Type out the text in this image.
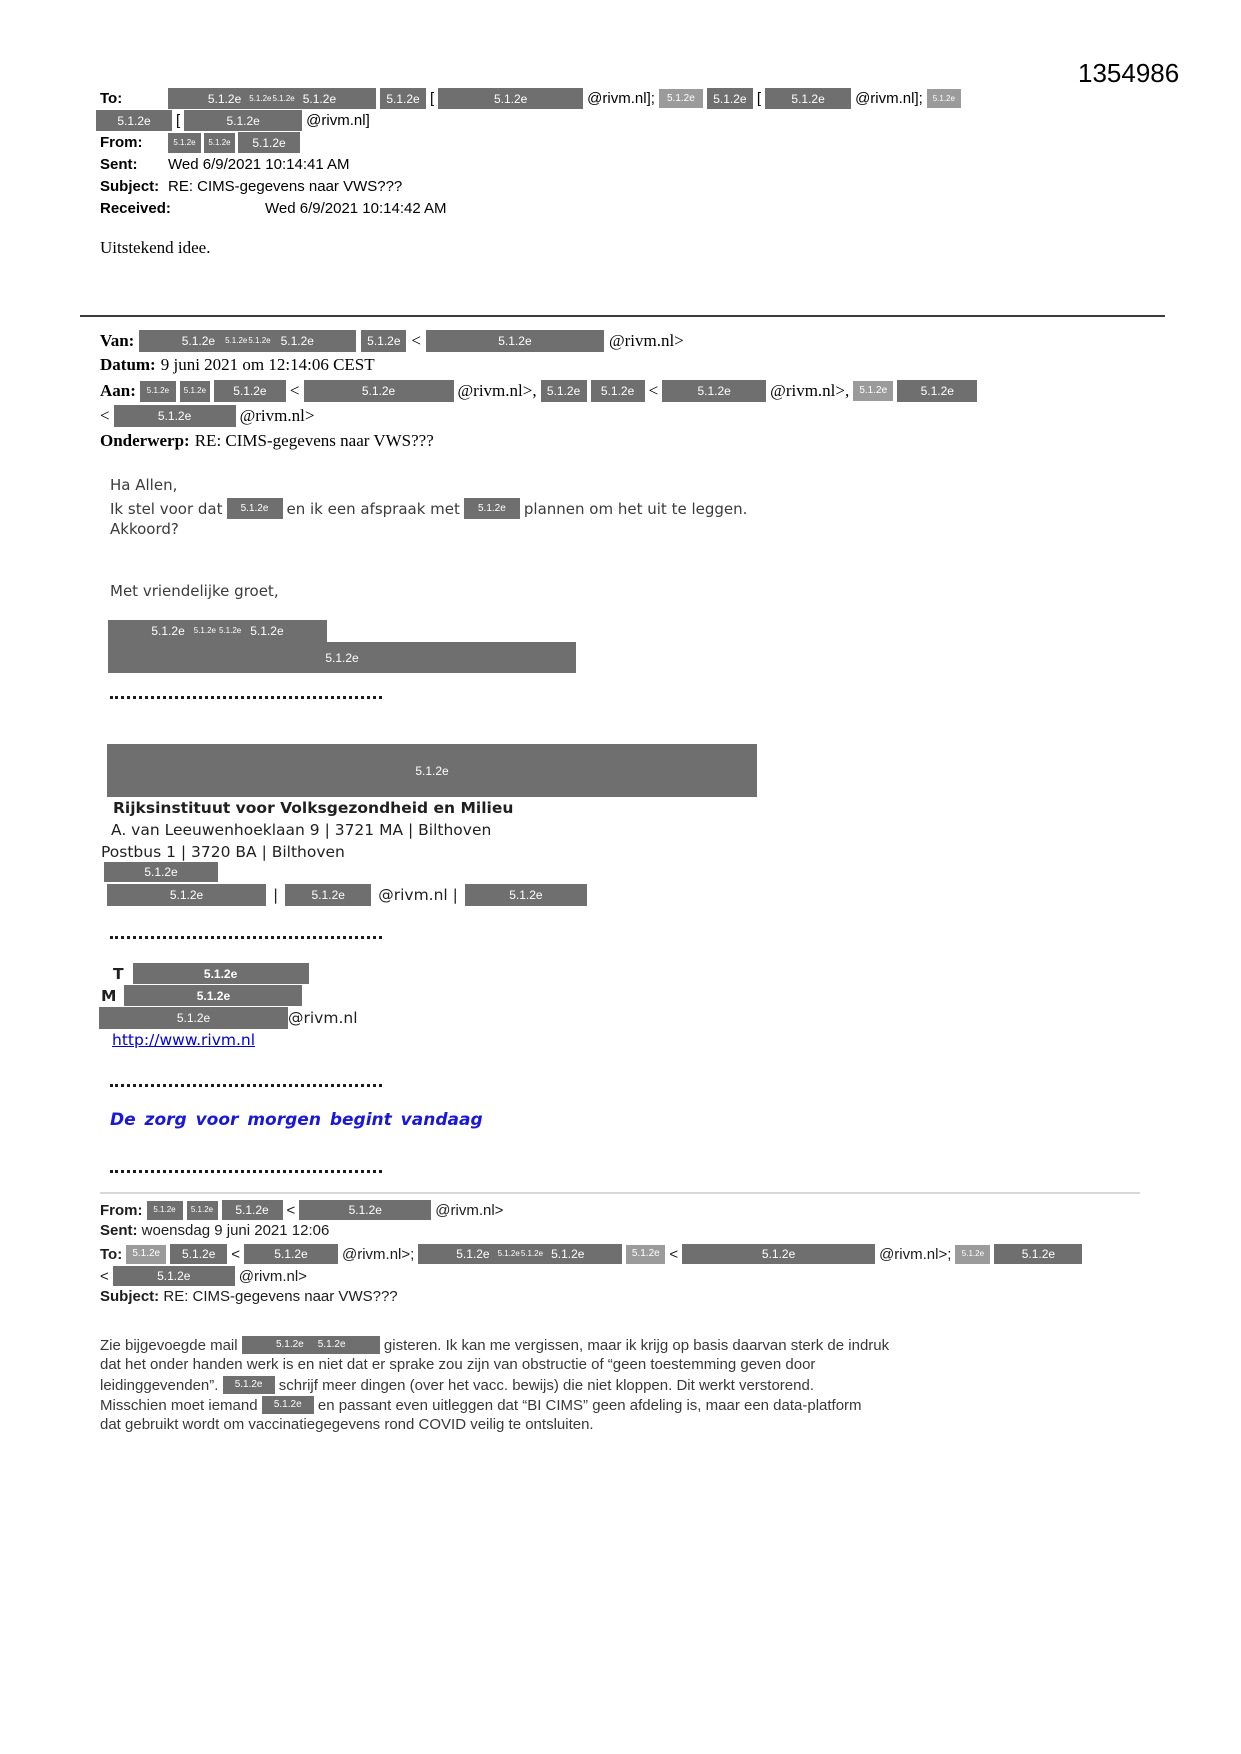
1354986
To:	5.1.2e 5.1.2e 5.1.2e 5.1.2e	5.1.2e [	5.1.2e	@rivm.nl]; 5.1.2e 5.1.2e [	5.1.2e @rivm.nl]; 5.1.2e
5.1.2e [	5.1.2e	@rivm.nl]
From:	5.1.2e 5.1.2e 5.1.2e
Sent: Wed 6/9/2021 10:14:41 AM
Subject: RE: CIMS-gegevens naar VWS???
Received:	Wed 6/9/2021 10:14:42 AM
Uitstekend idee.
Van:	5.1.2e 5.1.2e 5.1.2e 5.1.2e	5.1.2e <	5.1.2e	@rivm.nl>
Datum: 9 juni 2021 om 12:14:06 CEST
Aan: 5.1.2e 5.1.2e 5.1.2e <	5.1.2e	@rivm.nl>, 5.1.2e 5.1.2e <	5.1.2e @rivm.nl>, 5.1.2e	5.1.2e
<	5.1.2e	@rivm.nl>
Onderwerp: RE: CIMS-gegevens naar VWS???
Ha Allen,
Ik stel voor dat 5.1.2e en ik een afspraak met 5.1.2e plannen om het uit te leggen.
Akkoord?
Met vriendelijke groet,
5.1.2e 5.1.2e 5.1.2e 5.1.2e
5.1.2e
5.1.2e
Rijksinstituut voor Volksgezondheid en Milieu
A. van Leeuwenhoeklaan 9 | 3721 MA | Bilthoven
Postbus 1 | 3720 BA | Bilthoven
5.1.2e
5.1.2e	|	5.1.2e @rivm.nl |	5.1.2e
T	5.1.2e
M	5.1.2e
5.1.2e	@rivm.nl
http://www.rivm.nl
De zorg voor morgen begint vandaag
From: 5.1.2e 5.1.2e 5.1.2e <	5.1.2e	@rivm.nl>
Sent: woensdag 9 juni 2021 12:06
To: 5.1.2e 5.1.2e <	5.1.2e @rivm.nl>;	5.1.2e 5.1.2e 5.1.2e 5.1.2e	5.1.2e <	5.1.2e	@rivm.nl>; 5.1.2e	5.1.2e
<	5.1.2e	@rivm.nl>
Subject: RE: CIMS-gegevens naar VWS???
Zie bijgevoegde mail	5.1.2e 5.1.2e gisteren. Ik kan me vergissen, maar ik krijg op basis daarvan sterk de indruk
dat het onder handen werk is en niet dat er sprake zou zijn van obstructie of “geen toestemming geven door
leidinggevenden”. 5.1.2e schrijf meer dingen (over het vacc. bewijs) die niet kloppen. Dit werkt verstorend.
Misschien moet iemand 5.1.2e en passant even uitleggen dat “BI CIMS” geen afdeling is, maar een data-platform
dat gebruikt wordt om vaccinatiegegevens rond COVID veilig te ontsluiten.
